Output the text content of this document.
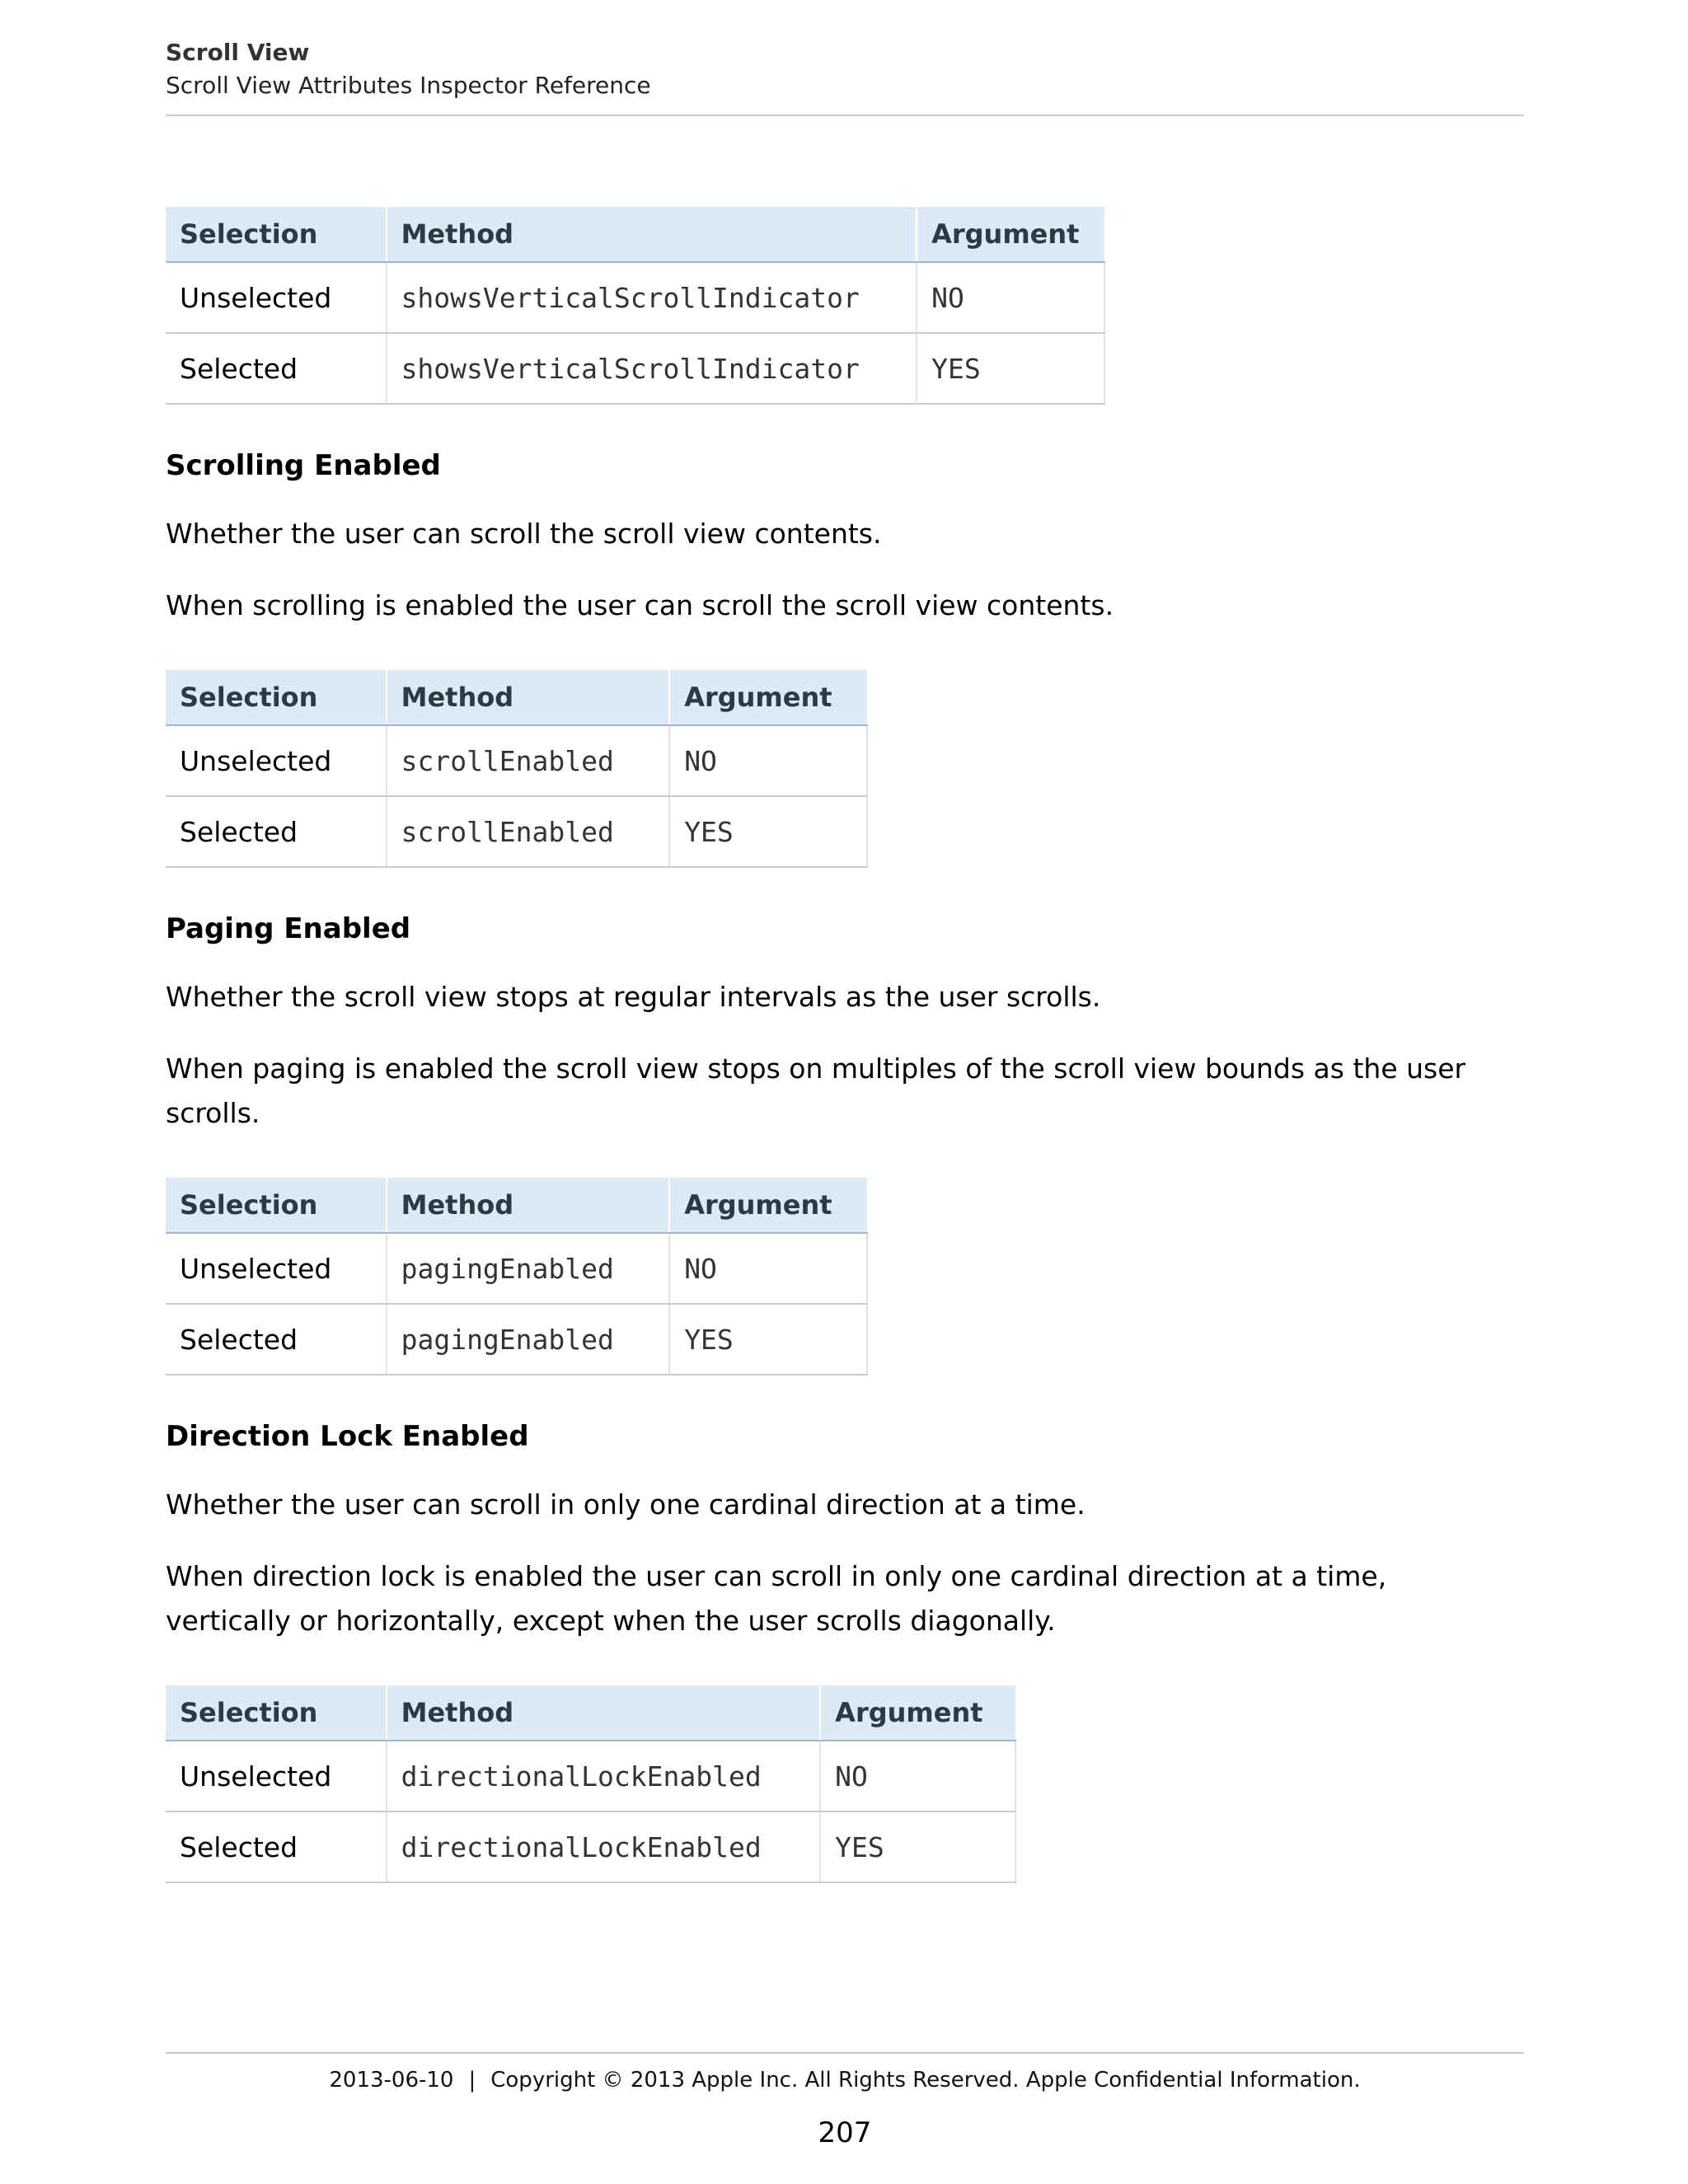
Scroll View
Scroll View Attributes Inspector Reference
Selection	Method	Argument
Unselected	showsVerticalScrollIndicator	NO
Selected	showsVerticalScrollIndicator	YES
Scrolling Enabled

Whether the user can scroll the scroll view contents.

When scrolling is enabled the user can scroll the scroll view contents.

Selection	Method	Argument
Unselected	scrollEnabled	NO
Selected	scrollEnabled	YES
Paging Enabled

Whether the scroll view stops at regular intervals as the user scrolls.

When paging is enabled the scroll view stops on multiples of the scroll view bounds as the user scrolls.

Selection	Method	Argument
Unselected	pagingEnabled	NO
Selected	pagingEnabled	YES
Direction Lock Enabled

Whether the user can scroll in only one cardinal direction at a time.

When direction lock is enabled the user can scroll in only one cardinal direction at a time, vertically or horizontally, except when the user scrolls diagonally.

Selection	Method	Argument
Unselected	directionalLockEnabled	NO
Selected	directionalLockEnabled	YES
2013-06-10 | Copyright © 2013 Apple Inc. All Rights Reserved. Apple Confidential Information.
207
